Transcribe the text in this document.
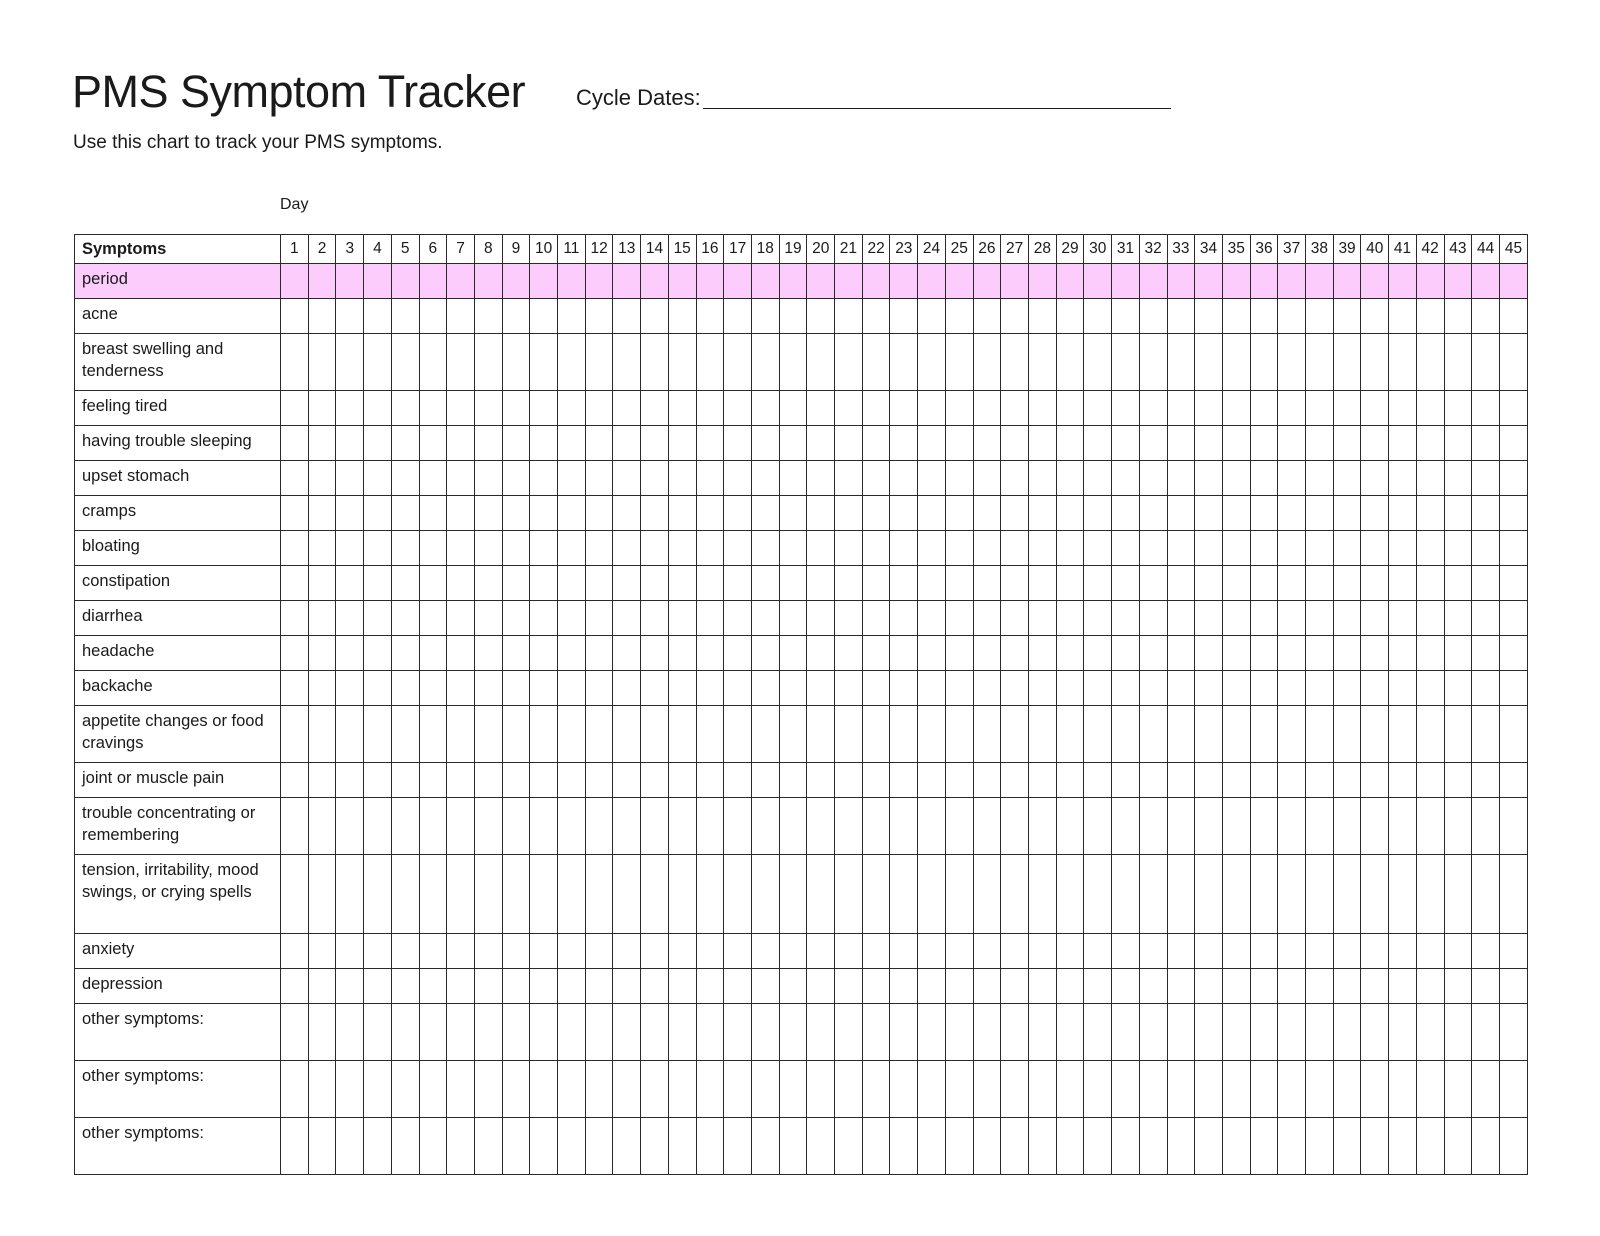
PMS Symptom Tracker Cycle Dates:
Use this chart to track your PMS symptoms.
Day
Symptoms	1	2	3	4	5	6	7	8	9	10	11	12	13	14	15	16	17	18	19	20	21	22	23	24	25	26	27	28	29	30	31	32	33	34	35	36	37	38	39	40	41	42	43	44	45
period																																													
acne																																													
breast swelling and tenderness																																													
feeling tired																																													
having trouble sleeping																																													
upset stomach																																													
cramps																																													
bloating																																													
constipation																																													
diarrhea																																													
headache																																													
backache																																													
appetite changes or food cravings																																													
joint or muscle pain																																													
trouble concentrating or remembering																																													
tension, irritability, mood swings, or crying spells																																													
anxiety																																													
depression																																													
other symptoms:																																													
other symptoms:																																													
other symptoms:																																													
